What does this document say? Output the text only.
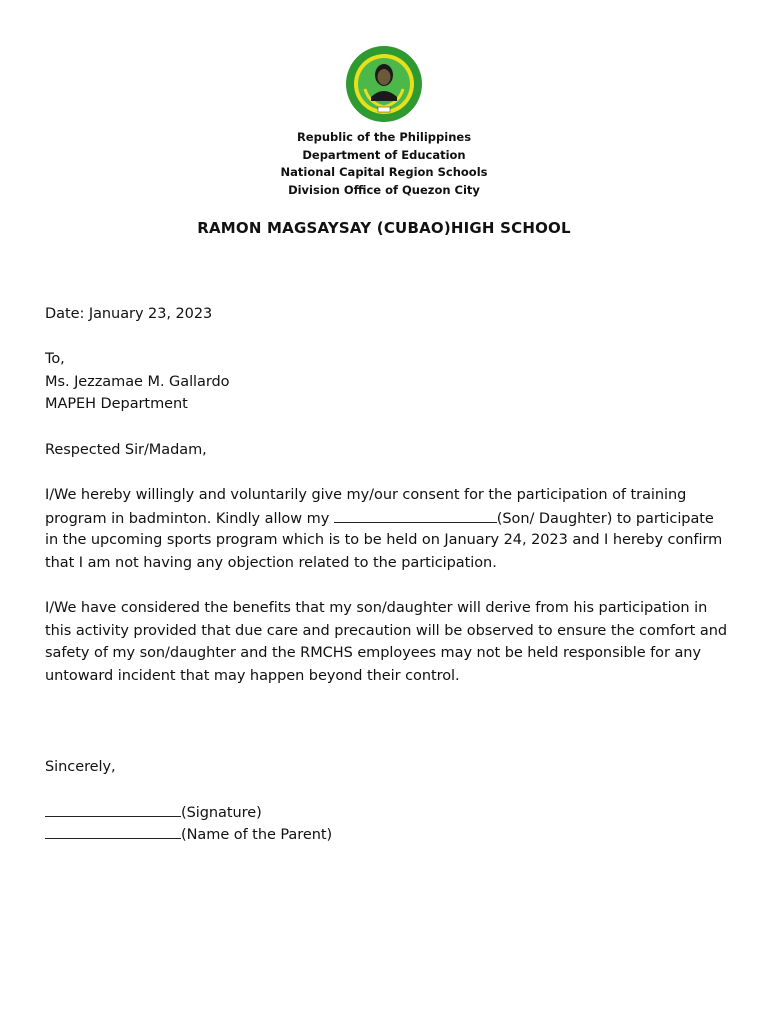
Republic of the Philippines
Department of Education
National Capital Region Schools
Division Office of Quezon City
RAMON MAGSAYSAY (CUBAO)HIGH SCHOOL
Date: January 23, 2023
To,
Ms. Jezzamae M. Gallardo
MAPEH Department
Respected Sir/Madam,
I/We hereby willingly and voluntarily give my/our consent for the participation of training
program in badminton. Kindly allow my	(Son/ Daughter) to participate
in the upcoming sports program which is to be held on January 24, 2023 and I hereby confirm
that I am not having any objection related to the participation.
I/We have considered the benefits that my son/daughter will derive from his participation in
this activity provided that due care and precaution will be observed to ensure the comfort and
safety of my son/daughter and the RMCHS employees may not be held responsible for any
untoward incident that may happen beyond their control.
Sincerely,
(Signature)
(Name of the Parent)
